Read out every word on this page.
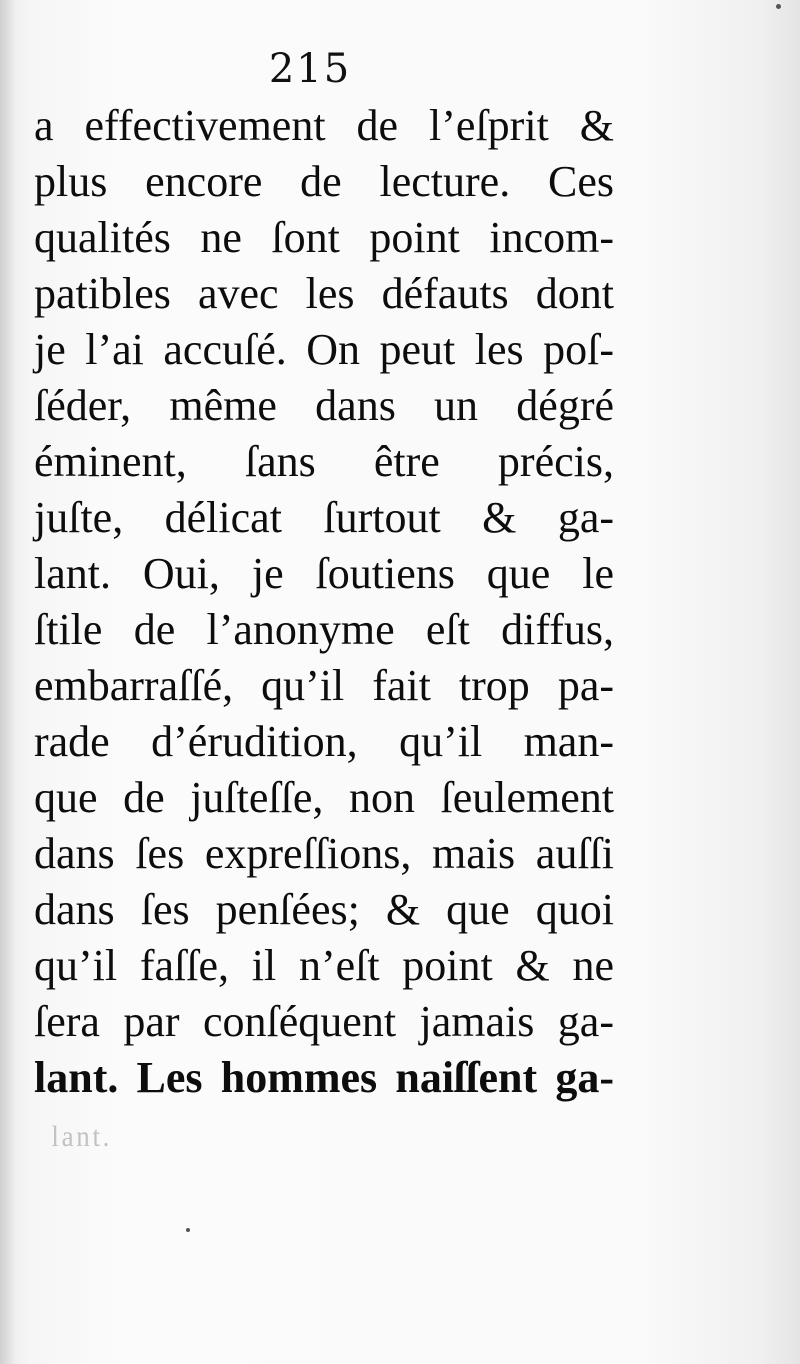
215
a effectivement de l’eſprit &
plus encore de lecture. Ces
qualités ne ſont point incom-
patibles avec les défauts dont
je l’ai accuſé. On peut les poſ-
ſéder, même dans un dégré
éminent, ſans être précis,
juſte, délicat ſurtout & ga-
lant. Oui, je ſoutiens que le
ſtile de l’anonyme eſt diffus,
embarraſſé, qu’il fait trop pa-
rade d’érudition, qu’il man-
que de juſteſſe, non ſeulement
dans ſes expreſſions, mais auſſi
dans ſes penſées; & que quoi
qu’il faſſe, il n’eſt point & ne
ſera par conſéquent jamais ga-
lant. Les hommes naiſſent ga-
lant.
